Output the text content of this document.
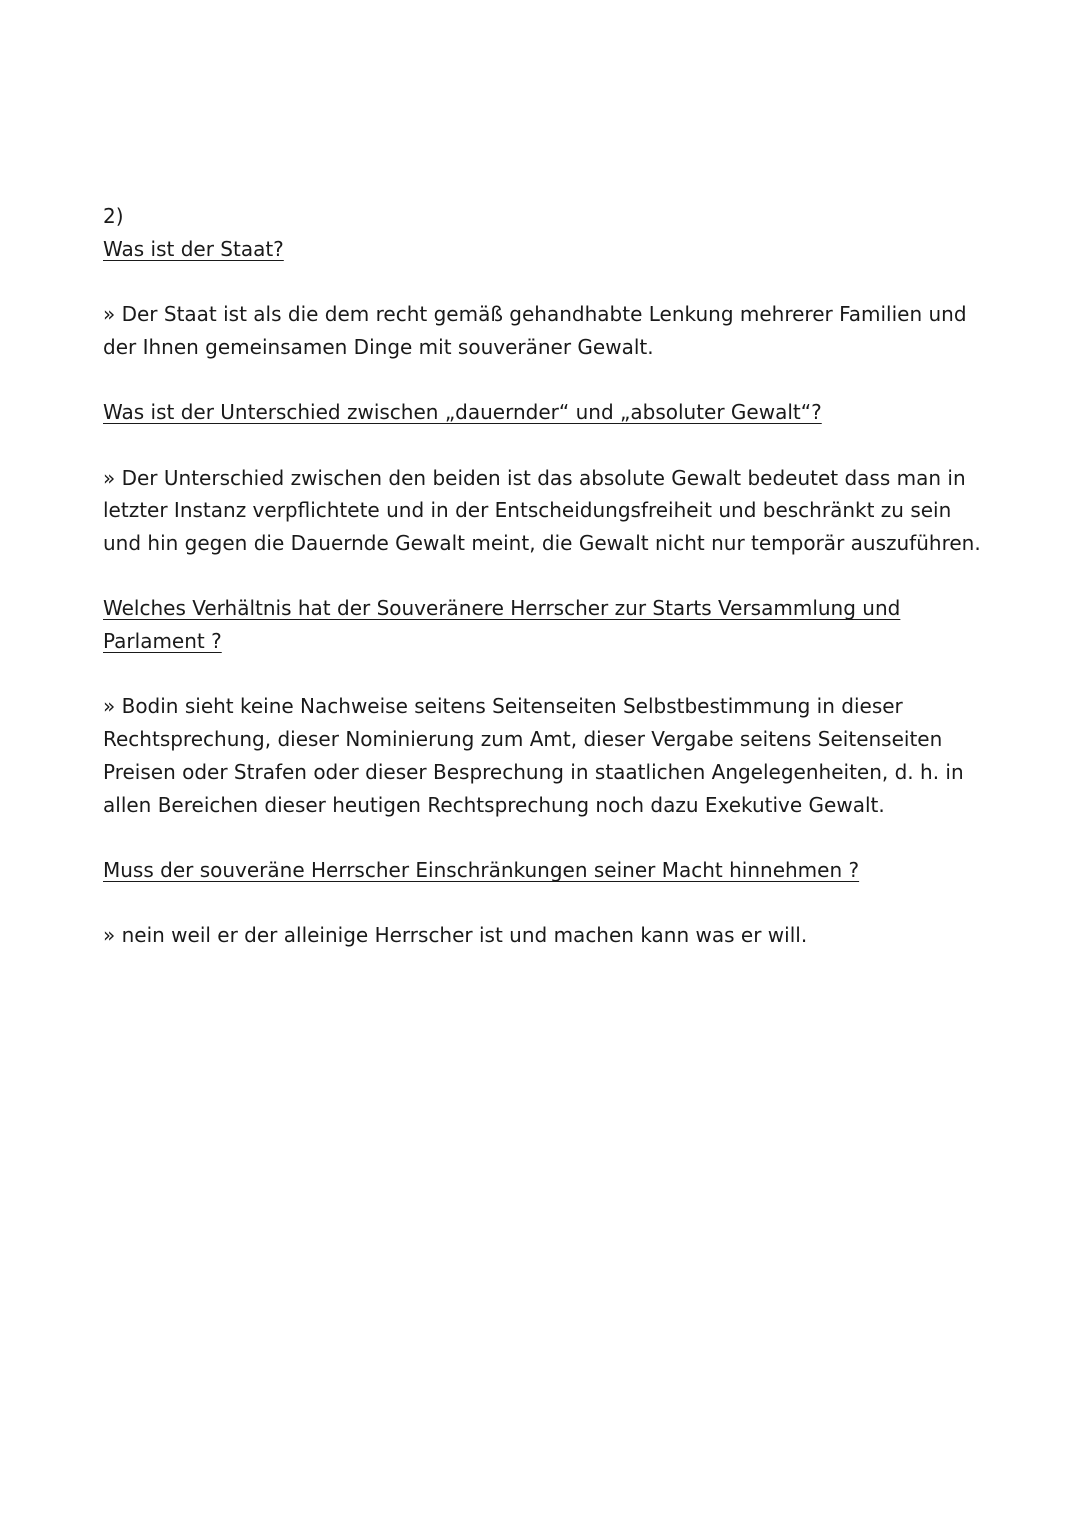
2)
Was ist der Staat?
» Der Staat ist als die dem recht gemäß gehandhabte Lenkung mehrerer Familien und
der Ihnen gemeinsamen Dinge mit souveräner Gewalt.
Was ist der Unterschied zwischen „dauernder“ und „absoluter Gewalt“?
» Der Unterschied zwischen den beiden ist das absolute Gewalt bedeutet dass man in
letzter Instanz verpflichtete und in der Entscheidungsfreiheit und beschränkt zu sein
und hin gegen die Dauernde Gewalt meint, die Gewalt nicht nur temporär auszuführen.
Welches Verhältnis hat der Souveränere Herrscher zur Starts Versammlung und
Parlament ?
» Bodin sieht keine Nachweise seitens Seitenseiten Selbstbestimmung in dieser
Rechtsprechung, dieser Nominierung zum Amt, dieser Vergabe seitens Seitenseiten
Preisen oder Strafen oder dieser Besprechung in staatlichen Angelegenheiten, d. h. in
allen Bereichen dieser heutigen Rechtsprechung noch dazu Exekutive Gewalt.
Muss der souveräne Herrscher Einschränkungen seiner Macht hinnehmen ?
» nein weil er der alleinige Herrscher ist und machen kann was er will.
